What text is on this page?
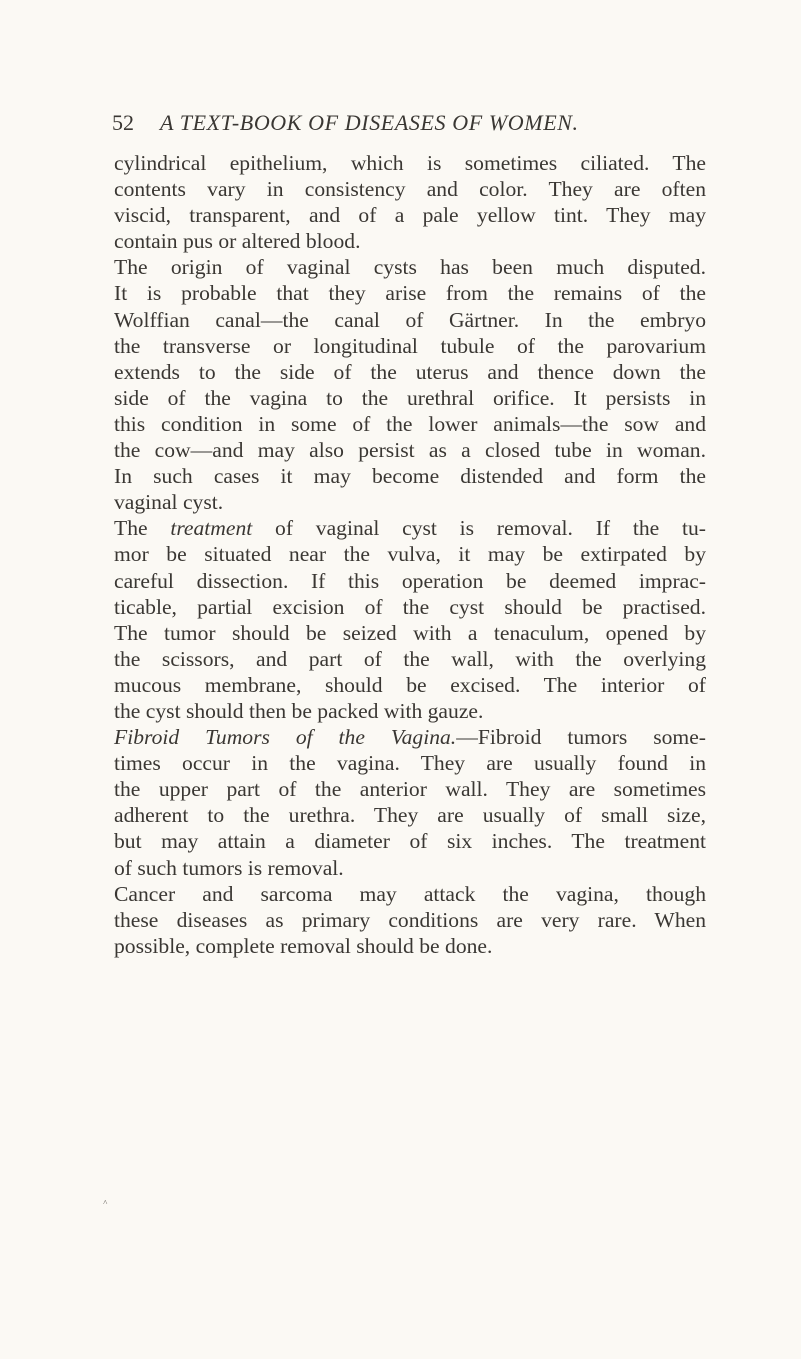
52 A TEXT-BOOK OF DISEASES OF WOMEN.
cylindrical epithelium, which is sometimes ciliated. The
contents vary in consistency and color. They are often
viscid, transparent, and of a pale yellow tint. They may
contain pus or altered blood.
The origin of vaginal cysts has been much disputed.
It is probable that they arise from the remains of the
Wolffian canal—the canal of Gärtner. In the embryo
the transverse or longitudinal tubule of the parovarium
extends to the side of the uterus and thence down the
side of the vagina to the urethral orifice. It persists in
this condition in some of the lower animals—the sow and
the cow—and may also persist as a closed tube in woman.
In such cases it may become distended and form the
vaginal cyst.
The treatment of vaginal cyst is removal. If the tu-
mor be situated near the vulva, it may be extirpated by
careful dissection. If this operation be deemed imprac-
ticable, partial excision of the cyst should be practised.
The tumor should be seized with a tenaculum, opened by
the scissors, and part of the wall, with the overlying
mucous membrane, should be excised. The interior of
the cyst should then be packed with gauze.
Fibroid Tumors of the Vagina.—Fibroid tumors some-
times occur in the vagina. They are usually found in
the upper part of the anterior wall. They are sometimes
adherent to the urethra. They are usually of small size,
but may attain a diameter of six inches. The treatment
of such tumors is removal.
Cancer and sarcoma may attack the vagina, though
these diseases as primary conditions are very rare. When
possible, complete removal should be done.
˄
